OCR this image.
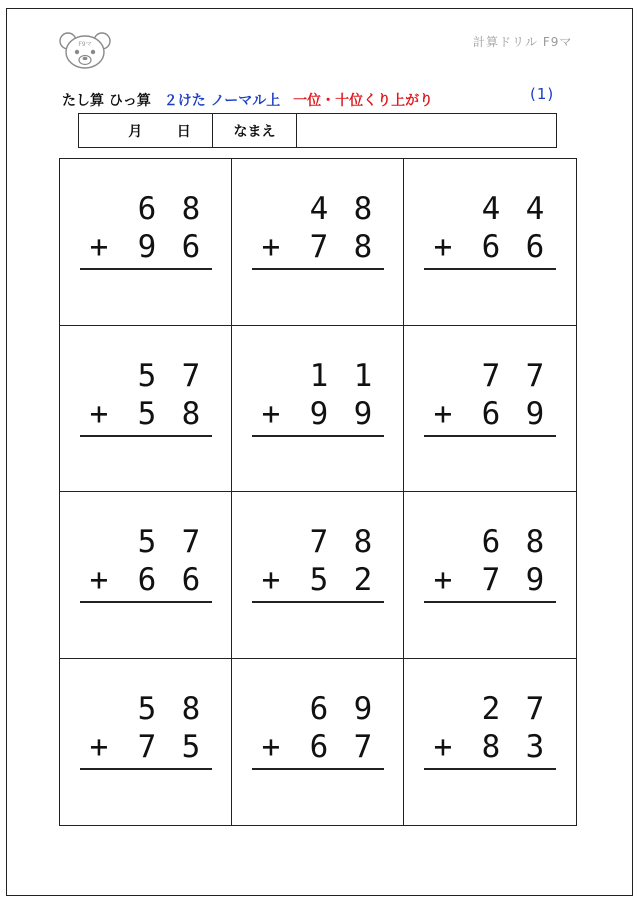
F9マ	計算ドリル F9マ
たし算 ひっ算 ２けた ノーマル上 一位・十位くり上がり	(1)
月 日	なまえ
6 8
+ 9 6
4 8
+ 7 8
4 4
+ 6 6
5 7
+ 5 8
1 1
+ 9 9
7 7
+ 6 9
5 7
+ 6 6
7 8
+ 5 2
6 8
+ 7 9
5 8
+ 7 5
6 9
+ 6 7
2 7
+ 8 3
